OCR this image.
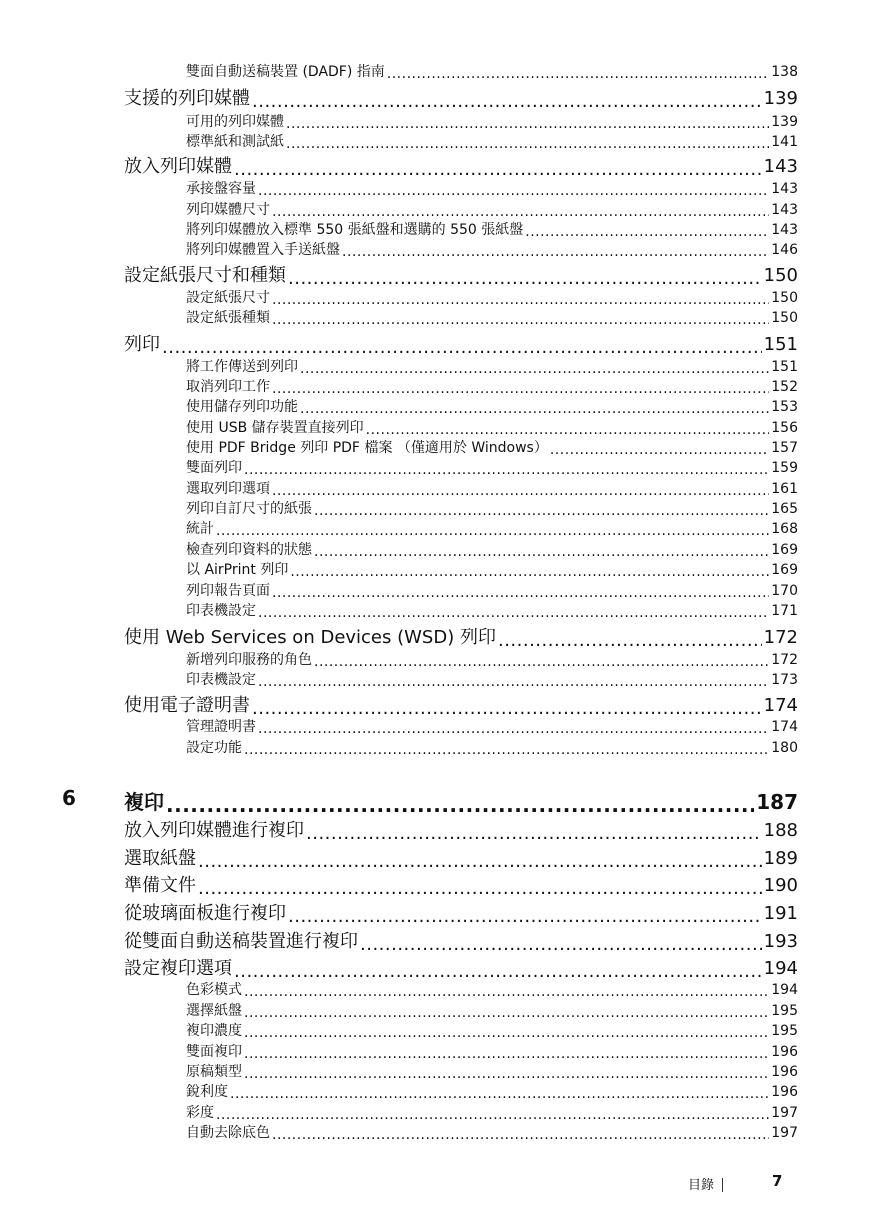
雙面自動送稿裝置 (DADF) 指南 .....	138
支援的列印媒體 .....	139
可用的列印媒體 .....	139
標準紙和測試紙 .....	141
放入列印媒體 .....	143
承接盤容量 .....	143
列印媒體尺寸 .....	143
將列印媒體放入標準 550 張紙盤和選購的 550 張紙盤 .....	143
將列印媒體置入手送紙盤 .....	146
設定紙張尺寸和種類 .....	150
設定紙張尺寸 .....	150
設定紙張種類 .....	150
列印 .....	151
將工作傳送到列印 .....	151
取消列印工作 .....	152
使用儲存列印功能 .....	153
使用 USB 儲存裝置直接列印 .....	156
使用 PDF Bridge 列印 PDF 檔案 （僅適用於 Windows） .....	157
雙面列印 .....	159
選取列印選項 .....	161
列印自訂尺寸的紙張 .....	165
統計 .....	168
檢查列印資料的狀態 .....	169
以 AirPrint 列印 .....	169
列印報告頁面 .....	170
印表機設定 .....	171
使用 Web Services on Devices (WSD) 列印 .....	172
新增列印服務的角色 .....	172
印表機設定 .....	173
使用電子證明書 .....	174
管理證明書 .....	174
設定功能 .....	180
複印 .....	187
6
放入列印媒體進行複印 .....	188
選取紙盤 .....	189
準備文件 .....	190
從玻璃面板進行複印 .....	191
從雙面自動送稿裝置進行複印 .....	193
設定複印選項 .....	194
色彩模式 .....	194
選擇紙盤 .....	195
複印濃度 .....	195
雙面複印 .....	196
原稿類型 .....	196
銳利度 .....	196
彩度 .....	197
自動去除底色 .....	197
目錄	7
